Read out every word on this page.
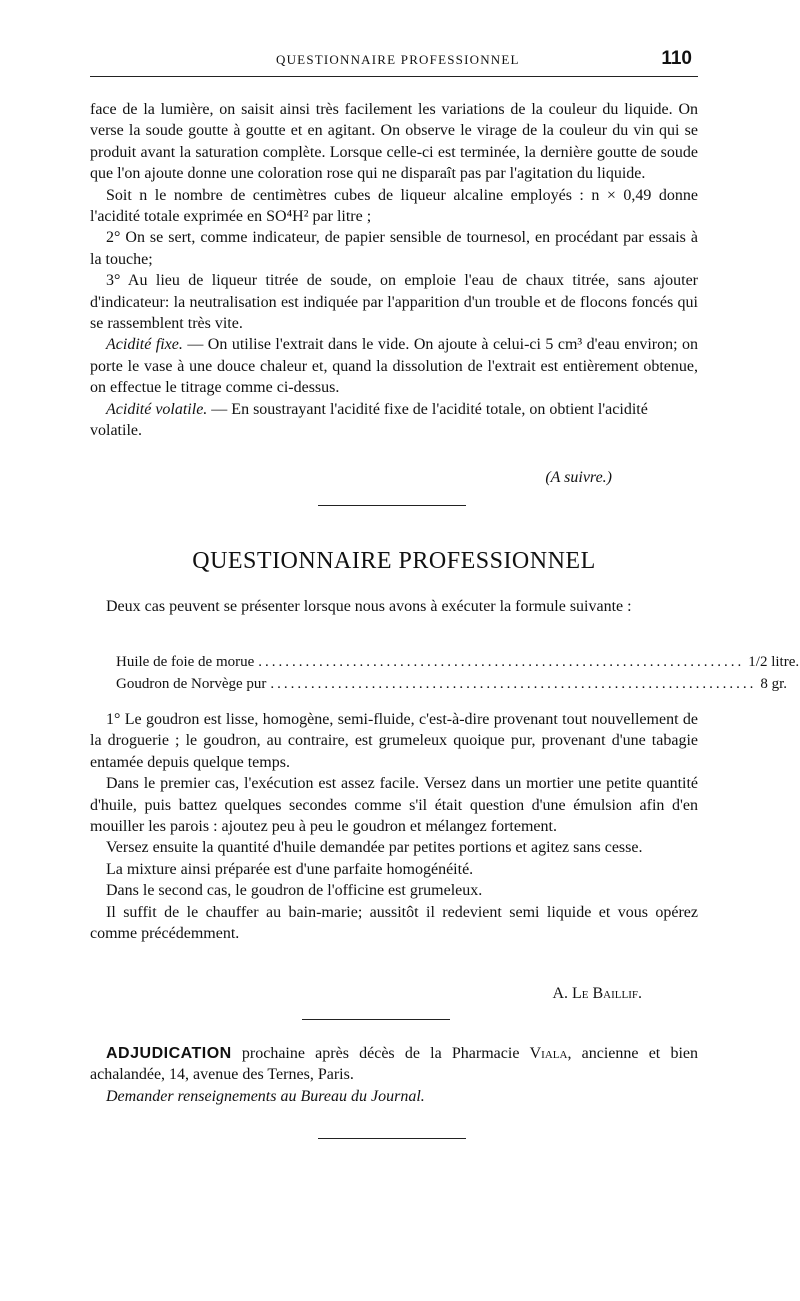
QUESTIONNAIRE PROFESSIONNEL	110

face de la lumière, on saisit ainsi très facilement les variations de la couleur du liquide. On verse la soude goutte à goutte et en agitant. On observe le virage de la couleur du vin qui se produit avant la saturation complète. Lorsque celle-ci est terminée, la dernière goutte de soude que l'on ajoute donne une coloration rose qui ne disparaît pas par l'agitation du liquide.

Soit n le nombre de centimètres cubes de liqueur alcaline employés : n × 0,49 donne l'acidité totale exprimée en SO⁴H² par litre ;

2° On se sert, comme indicateur, de papier sensible de tournesol, en procédant par essais à la touche;

3° Au lieu de liqueur titrée de soude, on emploie l'eau de chaux titrée, sans ajouter d'indicateur: la neutralisation est indiquée par l'apparition d'un trouble et de flocons foncés qui se rassemblent très vite.

Acidité fixe. — On utilise l'extrait dans le vide. On ajoute à celui-ci 5 cm³ d'eau environ; on porte le vase à une douce chaleur et, quand la dissolution de l'extrait est entièrement obtenue, on effectue le titrage comme ci-dessus.

Acidité volatile. — En soustrayant l'acidité fixe de l'acidité totale, on obtient l'acidité volatile.

(A suivre.)

QUESTIONNAIRE PROFESSIONNEL

Deux cas peuvent se présenter lorsque nous avons à exécuter la formule suivante :

Huile de foie de morue ........................................................................ 1/2 litre.
Goudron de Norvège pur ........................................................................ 8 gr.

1° Le goudron est lisse, homogène, semi-fluide, c'est-à-dire provenant tout nouvellement de la droguerie ; le goudron, au contraire, est grumeleux quoique pur, provenant d'une tabagie entamée depuis quelque temps.

Dans le premier cas, l'exécution est assez facile. Versez dans un mortier une petite quantité d'huile, puis battez quelques secondes comme s'il était question d'une émulsion afin d'en mouiller les parois : ajoutez peu à peu le goudron et mélangez fortement.

Versez ensuite la quantité d'huile demandée par petites portions et agitez sans cesse.

La mixture ainsi préparée est d'une parfaite homogénéité.

Dans le second cas, le goudron de l'officine est grumeleux.

Il suffit de le chauffer au bain-marie; aussitôt il redevient semi liquide et vous opérez comme précédemment.

A. Le Baillif.

ADJUDICATION prochaine après décès de la Pharmacie Viala, ancienne et bien achalandée, 14, avenue des Ternes, Paris.

Demander renseignements au Bureau du Journal.
